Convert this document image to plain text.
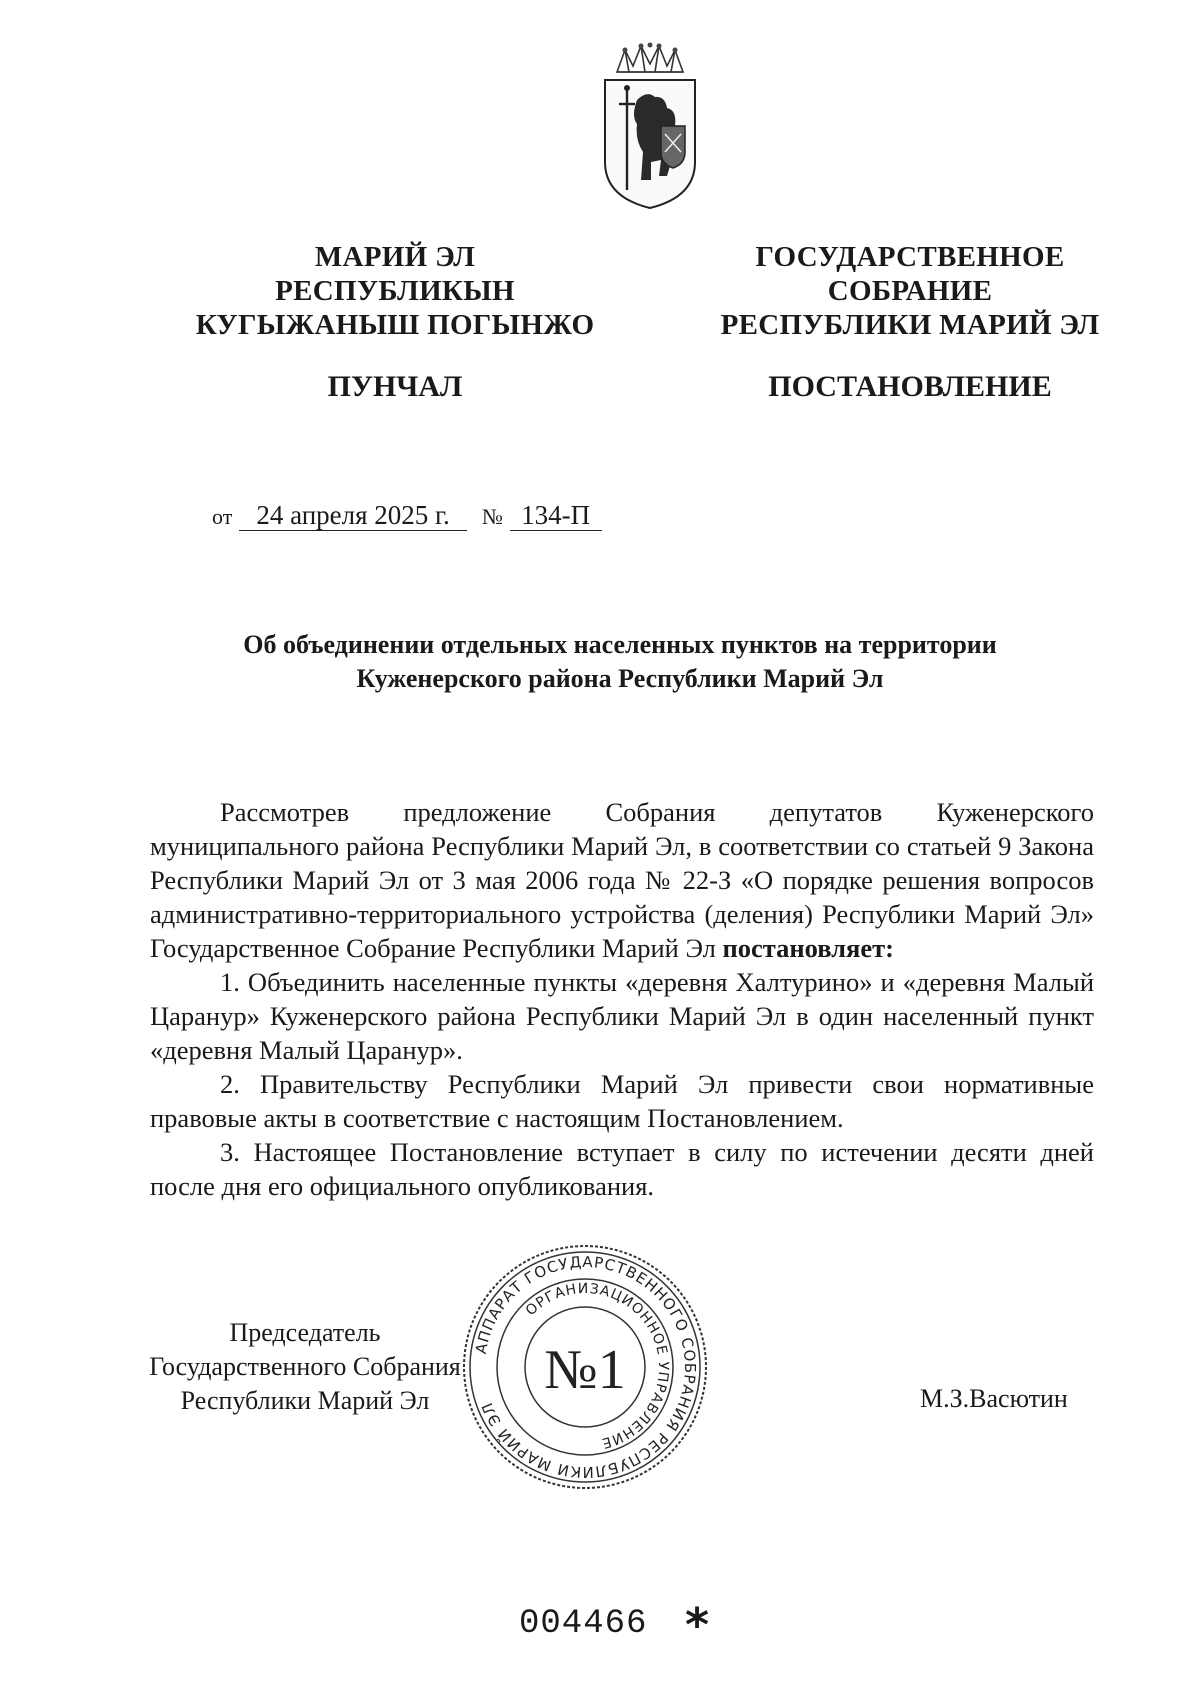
МАРИЙ ЭЛ
РЕСПУБЛИКЫН
КУГЫЖАНЫШ ПОГЫНЖО
ГОСУДАРСТВЕННОЕ
СОБРАНИЕ
РЕСПУБЛИКИ МАРИЙ ЭЛ
ПУНЧАЛ	ПОСТАНОВЛЕНИЕ
от 24 апреля 2025 г. № 134-П
Об объединении отдельных населенных пунктов на территории
Куженерского района Республики Марий Эл

Рассмотрев предложение Собрания депутатов Куженерского муниципального района Республики Марий Эл, в соответствии со статьей 9 Закона Республики Марий Эл от 3 мая 2006 года № 22-З «О порядке решения вопросов административно-территориального устройства (деления) Республики Марий Эл» Государственное Собрание Республики Марий Эл постановляет:

1. Объединить населенные пункты «деревня Халтурино» и «деревня Малый Царанур» Куженерского района Республики Марий Эл в один населенный пункт «деревня Малый Царанур».

2. Правительству Республики Марий Эл привести свои нормативные правовые акты в соответствие с настоящим Постановлением.

3. Настоящее Постановление вступает в силу по истечении десяти дней после дня его официального опубликования.

Председатель
Государственного Собрания
Республики Марий Эл	М.З.Васютин
АППАРАТ ГОСУДАРСТВЕННОГО СОБРАНИЯ РЕСПУБЛИКИ МАРИЙ ЭЛ
ОРГАНИЗАЦИОННОЕ УПРАВЛЕНИЕ
№1
004466 *
